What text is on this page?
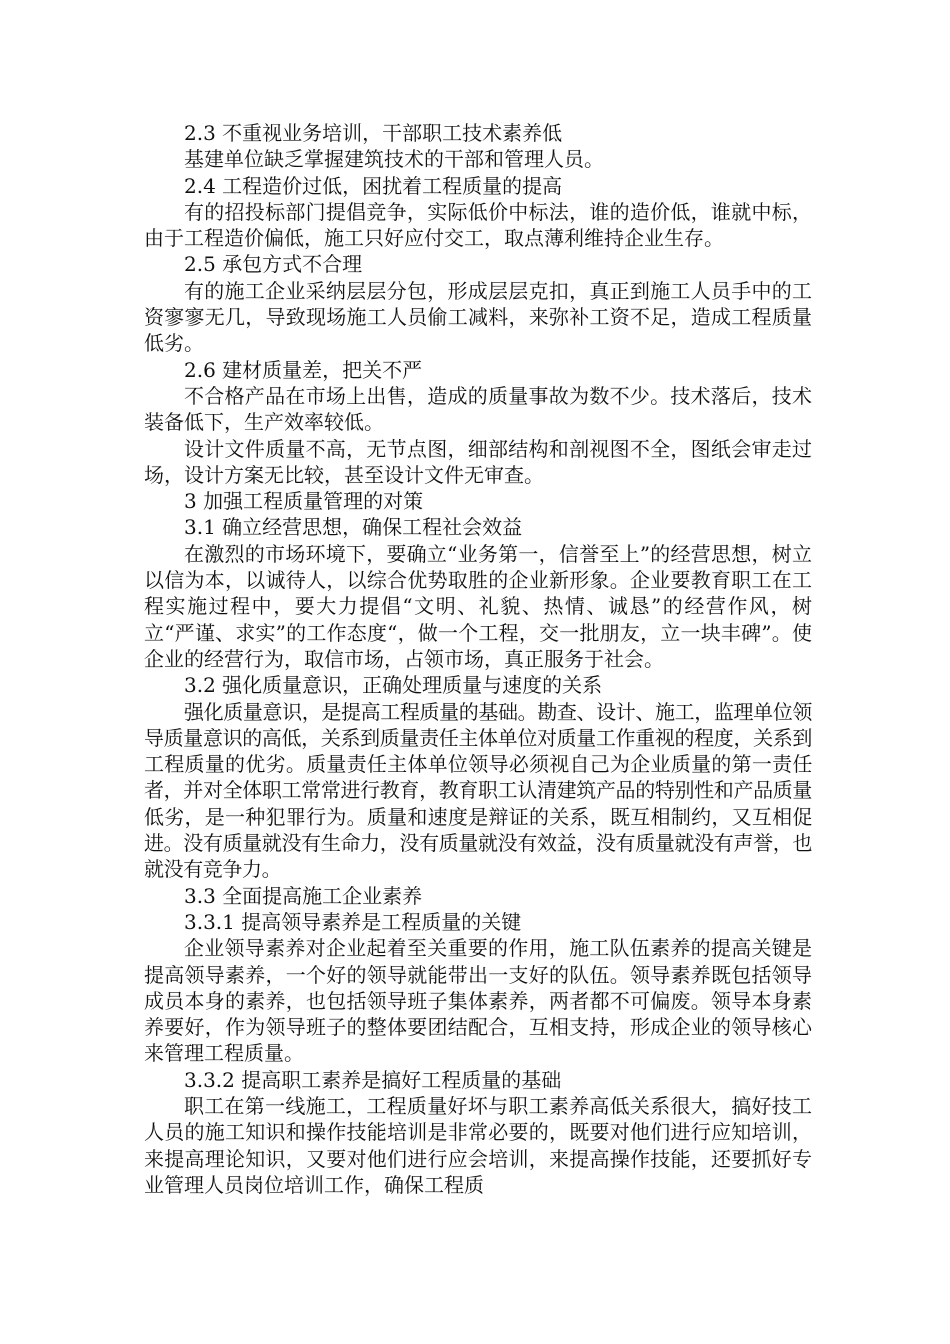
2.3 不重视业务培训，干部职工技术素养低

基建单位缺乏掌握建筑技术的干部和管理人员。

2.4 工程造价过低，困扰着工程质量的提高

有的招投标部门提倡竞争，实际低价中标法，谁的造价低，谁就中标，由于工程造价偏低，施工只好应付交工，取点薄利维持企业生存。

2.5 承包方式不合理

有的施工企业采纳层层分包，形成层层克扣，真正到施工人员手中的工资寥寥无几，导致现场施工人员偷工减料，来弥补工资不足，造成工程质量低劣。

2.6 建材质量差，把关不严

不合格产品在市场上出售，造成的质量事故为数不少。技术落后，技术装备低下，生产效率较低。

设计文件质量不高，无节点图，细部结构和剖视图不全，图纸会审走过场，设计方案无比较，甚至设计文件无审查。

3 加强工程质量管理的对策

3.1 确立经营思想，确保工程社会效益

在激烈的市场环境下，要确立“业务第一，信誉至上”的经营思想，树立以信为本，以诚待人，以综合优势取胜的企业新形象。企业要教育职工在工程实施过程中，要大力提倡“文明、礼貌、热情、诚恳”的经营作风，树立“严谨、求实”的工作态度“，做一个工程，交一批朋友，立一块丰碑”。使企业的经营行为，取信市场，占领市场，真正服务于社会。

3.2 强化质量意识，正确处理质量与速度的关系

强化质量意识，是提高工程质量的基础。勘查、设计、施工，监理单位领导质量意识的高低，关系到质量责任主体单位对质量工作重视的程度，关系到工程质量的优劣。质量责任主体单位领导必须视自己为企业质量的第一责任者，并对全体职工常常进行教育，教育职工认清建筑产品的特别性和产品质量低劣，是一种犯罪行为。质量和速度是辩证的关系，既互相制约，又互相促进。没有质量就没有生命力，没有质量就没有效益，没有质量就没有声誉，也就没有竞争力。

3.3 全面提高施工企业素养

3.3.1 提高领导素养是工程质量的关键

企业领导素养对企业起着至关重要的作用，施工队伍素养的提高关键是提高领导素养，一个好的领导就能带出一支好的队伍。领导素养既包括领导成员本身的素养，也包括领导班子集体素养，两者都不可偏废。领导本身素养要好，作为领导班子的整体要团结配合，互相支持，形成企业的领导核心来管理工程质量。

3.3.2 提高职工素养是搞好工程质量的基础

职工在第一线施工，工程质量好坏与职工素养高低关系很大，搞好技工人员的施工知识和操作技能培训是非常必要的，既要对他们进行应知培训，来提高理论知识，又要对他们进行应会培训，来提高操作技能，还要抓好专业管理人员岗位培训工作，确保工程质
